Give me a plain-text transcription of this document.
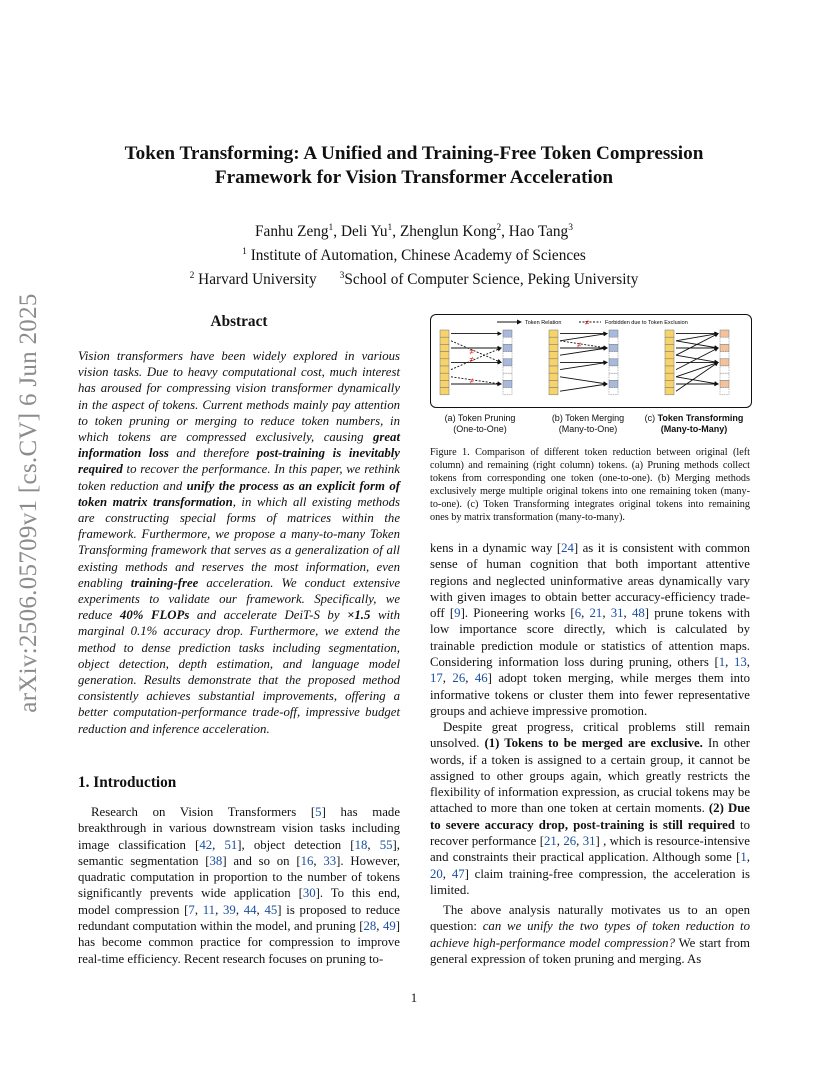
arXiv:2506.05709v1 [cs.CV] 6 Jun 2025
Token Transforming: A Unified and Training-Free Token Compression
Framework for Vision Transformer Acceleration
Fanhu Zeng$^1$, Deli Yu$^1$, Zhenglun Kong$^2$, Hao Tang$^3$
$^1$ Institute of Automation, Chinese Academy of Sciences
$^2$ Harvard University $^3$School of Computer Science, Peking University
Abstract
Vision transformers have been widely explored in various vision tasks. Due to heavy computational cost, much interest has aroused for compressing vision transformer dynamically in the aspect of tokens. Current methods mainly pay attention to token pruning or merging to reduce token numbers, in which tokens are compressed exclusively, causing great information loss and therefore post-training is inevitably required to recover the performance. In this paper, we rethink token reduction and unify the process as an explicit form of token matrix transformation, in which all existing methods are constructing special forms of matrices within the framework. Furthermore, we propose a many-to-many Token Transforming framework that serves as a generalization of all existing methods and reserves the most information, even enabling training-free acceleration. We conduct extensive experiments to validate our framework. Specifically, we reduce 40% FLOPs and accelerate DeiT-S by ×1.5 with marginal 0.1% accuracy drop. Furthermore, we extend the method to dense prediction tasks including segmentation, object detection, depth estimation, and language model generation. Results demonstrate that the proposed method consistently achieves substantial improvements, offering a better computation-performance trade-off, impressive budget reduction and inference acceleration.
1. Introduction

Research on Vision Transformers [5] has made breakthrough in various downstream vision tasks including image classification [42, 51], object detection [18, 55], semantic segmentation [38] and so on [16, 33]. However, quadratic computation in proportion to the number of tokens significantly prevents wide application [30]. To this end, model compression [7, 11, 39, 44, 45] is proposed to reduce redundant computation within the model, and pruning [28, 49] has become common practice for compression to improve real-time efficiency. Recent research focuses on pruning to-

Token Relation	≠	Forbidden due to Token Exclusion
≠
≠
≠
≠
(a) Token Pruning
(One-to-One)
(b) Token Merging
(Many-to-One)
(c) Token Transforming
(Many-to-Many)
Figure 1. Comparison of different token reduction between original (left column) and remaining (right column) tokens. (a) Pruning methods collect tokens from corresponding one token (one-to-one). (b) Merging methods exclusively merge multiple original tokens into one remaining token (many-to-one). (c) Token Transforming integrates original tokens into remaining ones by matrix transformation (many-to-many).

kens in a dynamic way [24] as it is consistent with common sense of human cognition that both important attentive regions and neglected uninformative areas dynamically vary with given images to obtain better accuracy-efficiency trade-off [9]. Pioneering works [6, 21, 31, 48] prune tokens with low importance score directly, which is calculated by trainable prediction module or statistics of attention maps. Considering information loss during pruning, others [1, 13, 17, 26, 46] adopt token merging, while merges them into informative tokens or cluster them into fewer representative groups and achieve impressive promotion.

Despite great progress, critical problems still remain unsolved. (1) Tokens to be merged are exclusive. In other words, if a token is assigned to a certain group, it cannot be assigned to other groups again, which greatly restricts the flexibility of information expression, as crucial tokens may be attached to more than one token at certain moments. (2) Due to severe accuracy drop, post-training is still required to recover performance [21, 26, 31] , which is resource-intensive and constraints their practical application. Although some [1, 20, 47] claim training-free compression, the acceleration is limited.

The above analysis naturally motivates us to an open question: can we unify the two types of token reduction to achieve high-performance model compression? We start from general expression of token pruning and merging. As

1
